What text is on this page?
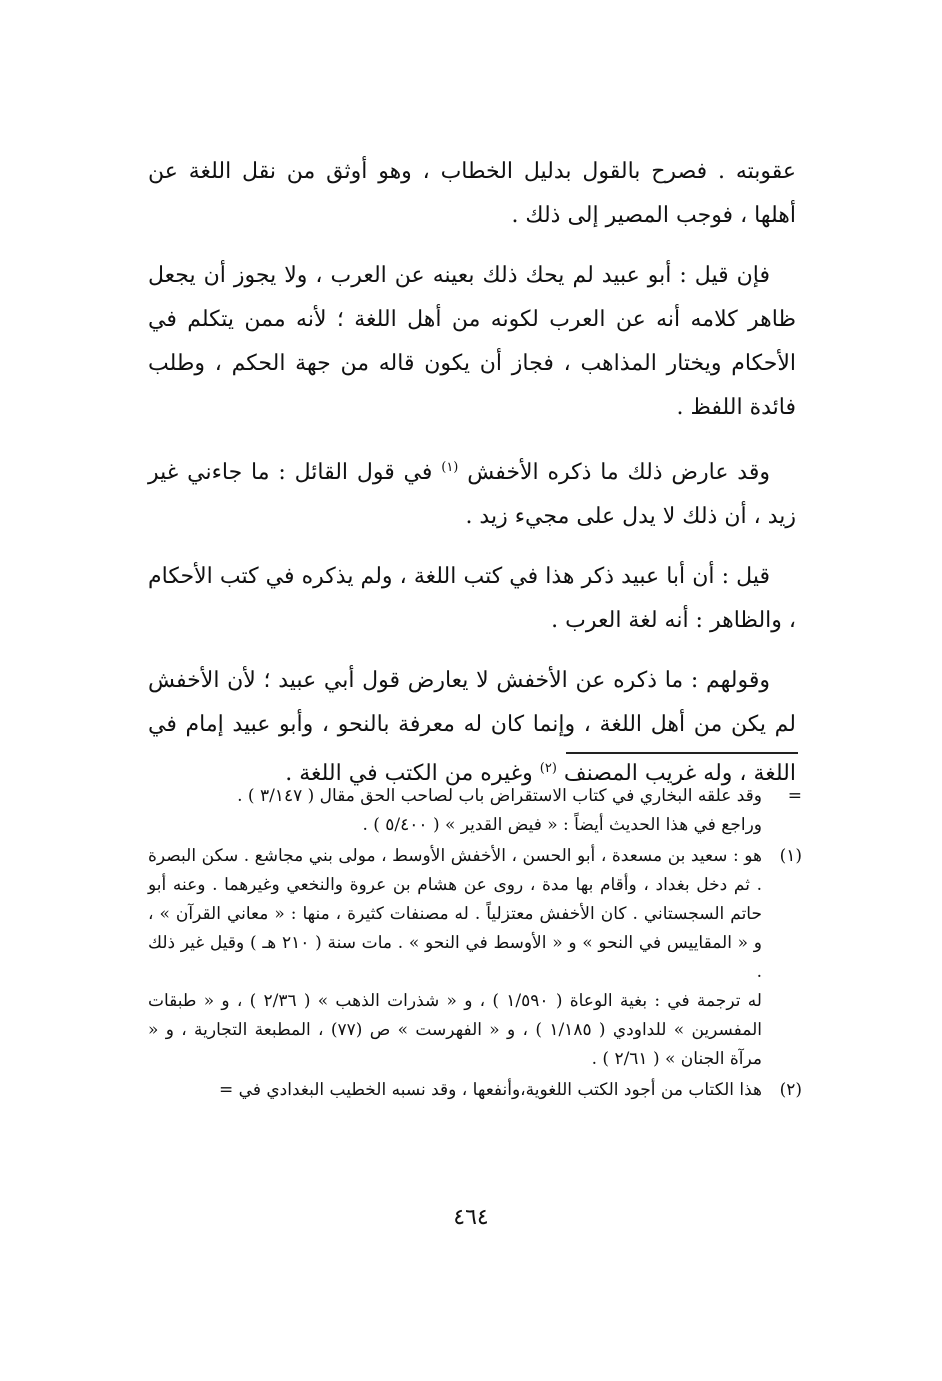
عقوبته . فصرح بالقول بدليل الخطاب ، وهو أوثق من نقل اللغة عن أهلها ، فوجب المصير إلى ذلك .

فإن قيل : أبو عبيد لم يحك ذلك بعينه عن العرب ، ولا يجوز أن يجعل ظاهر كلامه أنه عن العرب لكونه من أهل اللغة ؛ لأنه ممن يتكلم في الأحكام ويختار المذاهب ، فجاز أن يكون قاله من جهة الحكم ، وطلب فائدة اللفظ .

وقد عارض ذلك ما ذكره الأخفش $^{(١)}$ في قول القائل : ما جاءني غير زيد ، أن ذلك لا يدل على مجيء زيد .

قيل : أن أبا عبيد ذكر هذا في كتب اللغة ، ولم يذكره في كتب الأحكام ، والظاهر : أنه لغة العرب .

وقولهم : ما ذكره عن الأخفش لا يعارض قول أبي عبيد ؛ لأن الأخفش لم يكن من أهل اللغة ، وإنما كان له معرفة بالنحو ، وأبو عبيد إمام في اللغة ، وله غريب المصنف $^{(٢)}$ وغيره من الكتب في اللغة .

=

وقد علقه البخاري في كتاب الاستقراض باب لصاحب الحق مقال ( ٣/١٤٧ ) .

وراجع في هذا الحديث أيضاً : « فيض القدير » ( ٥/٤٠٠ ) .

(١)

هو : سعيد بن مسعدة ، أبو الحسن ، الأخفش الأوسط ، مولى بني مجاشع . سكن البصرة . ثم دخل بغداد ، وأقام بها مدة ، روى عن هشام بن عروة والنخعي وغيرهما . وعنه أبو حاتم السجستاني . كان الأخفش معتزلياً . له مصنفات كثيرة ، منها : « معاني القرآن » ، و « المقاييس في النحو » و « الأوسط في النحو » . مات سنة ( ٢١٠ هـ ) وقيل غير ذلك .

له ترجمة في : بغية الوعاة ( ١/٥٩٠ ) ، و « شذرات الذهب » ( ٢/٣٦ ) ، و « طبقات المفسرين » للداودي ( ١/١٨٥ ) ، و « الفهرست » ص (٧٧) ، المطبعة التجارية ، و « مرآة الجنان » ( ٢/٦١ ) .

(٢)

هذا الكتاب من أجود الكتب اللغوية،وأنفعها ، وقد نسبه الخطيب البغدادي في =

٤٦٤
